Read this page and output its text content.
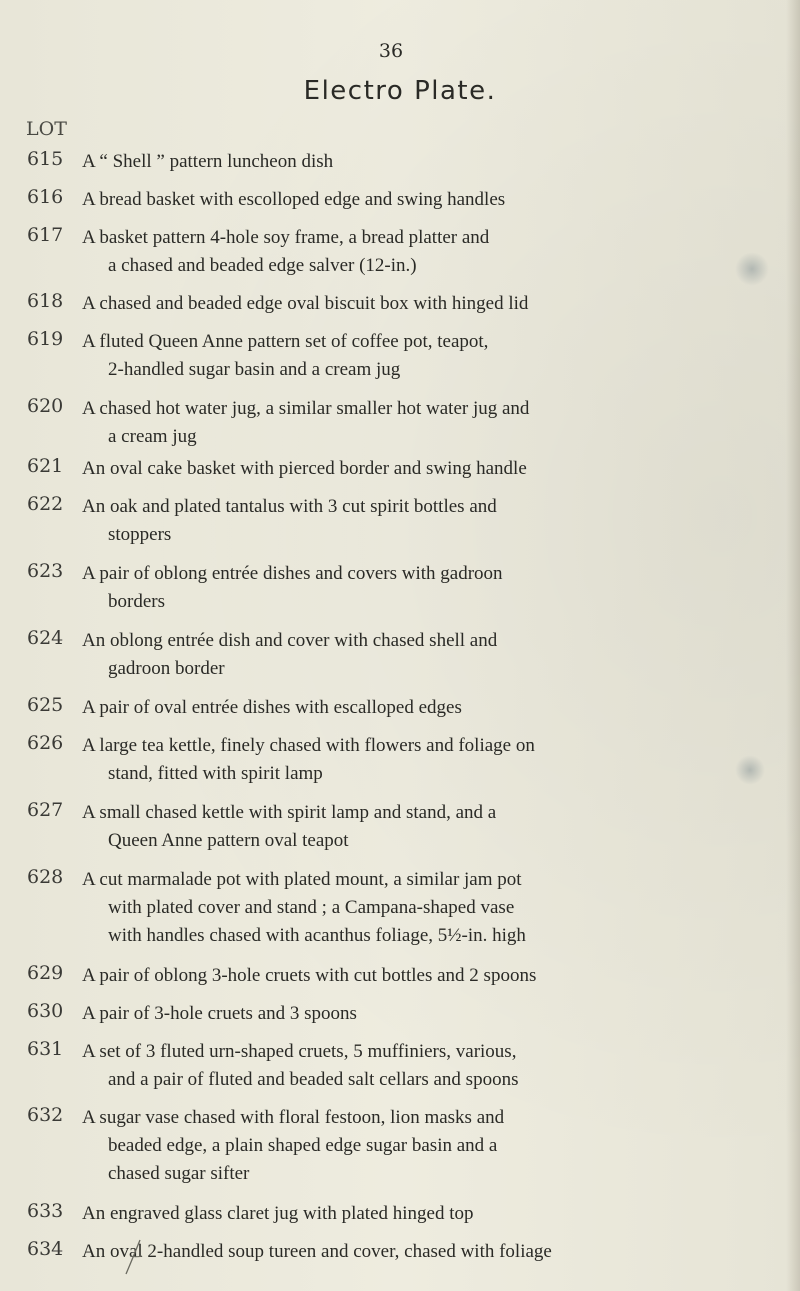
36
Electro Plate.
LOT
615 A “ Shell ” pattern luncheon dish
616 A bread basket with escolloped edge and swing handles
617 A basket pattern 4-hole soy frame, a bread platter and
a chased and beaded edge salver (12-in.)
618 A chased and beaded edge oval biscuit box with hinged lid
619 A fluted Queen Anne pattern set of coffee pot, teapot,
2-handled sugar basin and a cream jug
620 A chased hot water jug, a similar smaller hot water jug and
a cream jug
621 An oval cake basket with pierced border and swing handle
622 An oak and plated tantalus with 3 cut spirit bottles and
stoppers
623 A pair of oblong entrée dishes and covers with gadroon
borders
624 An oblong entrée dish and cover with chased shell and
gadroon border
625 A pair of oval entrée dishes with escalloped edges
626 A large tea kettle, finely chased with flowers and foliage on
stand, fitted with spirit lamp
627 A small chased kettle with spirit lamp and stand, and a
Queen Anne pattern oval teapot
628 A cut marmalade pot with plated mount, a similar jam pot
with plated cover and stand ; a Campana-shaped vase
with handles chased with acanthus foliage, 5½-in. high
629 A pair of oblong 3-hole cruets with cut bottles and 2 spoons
630 A pair of 3-hole cruets and 3 spoons
631 A set of 3 fluted urn-shaped cruets, 5 muffiniers, various,
and a pair of fluted and beaded salt cellars and spoons
632 A sugar vase chased with floral festoon, lion masks and
beaded edge, a plain shaped edge sugar basin and a
chased sugar sifter
633 An engraved glass claret jug with plated hinged top
634 An oval 2-handled soup tureen and cover, chased with foliage
